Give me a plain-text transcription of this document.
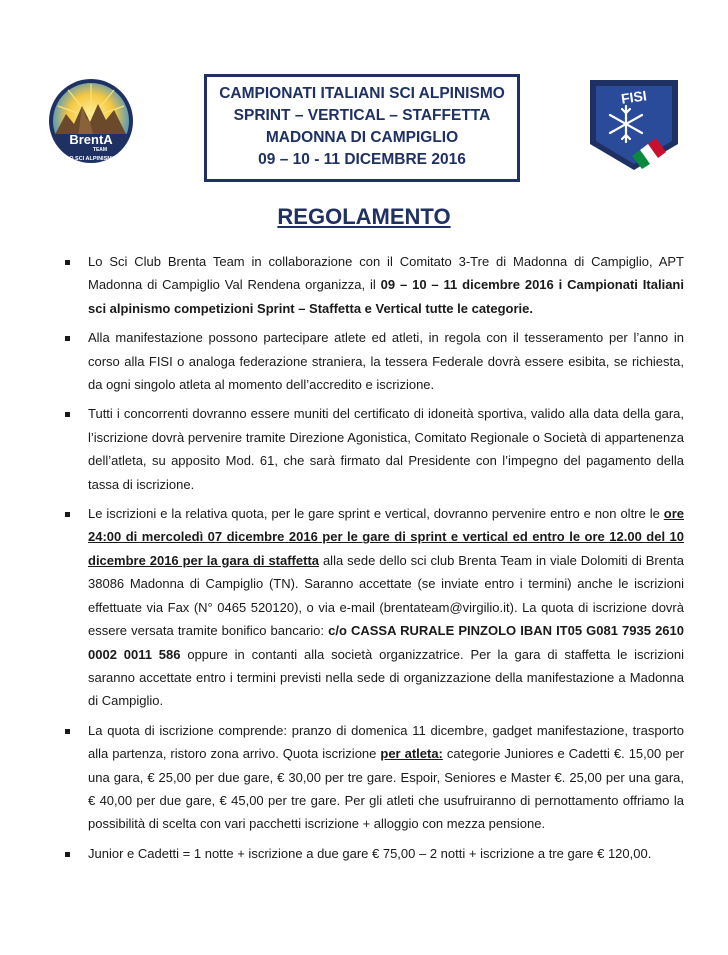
BrentA
TEAM
LO SCI ALPINISMO
CAMPIONATI ITALIANI SCI ALPINISMO
SPRINT – VERTICAL – STAFFETTA
MADONNA DI CAMPIGLIO
09 – 10 - 11 DICEMBRE 2016
FISI
REGOLAMENTO
Lo Sci Club Brenta Team in collaborazione con il Comitato 3-Tre di Madonna di Campiglio, APT Madonna di Campiglio Val Rendena organizza, il 09 – 10 – 11 dicembre 2016 i Campionati Italiani sci alpinismo competizioni Sprint – Staffetta e Vertical tutte le categorie.
Alla manifestazione possono partecipare atlete ed atleti, in regola con il tesseramento per l’anno in corso alla FISI o analoga federazione straniera, la tessera Federale dovrà essere esibita, se richiesta, da ogni singolo atleta al momento dell’accredito e iscrizione.
Tutti i concorrenti dovranno essere muniti del certificato di idoneità sportiva, valido alla data della gara, l’iscrizione dovrà pervenire tramite Direzione Agonistica, Comitato Regionale o Società di appartenenza dell’atleta, su apposito Mod. 61, che sarà firmato dal Presidente con l’impegno del pagamento della tassa di iscrizione.
Le iscrizioni e la relativa quota, per le gare sprint e vertical, dovranno pervenire entro e non oltre le ore 24:00 di mercoledì 07 dicembre 2016 per le gare di sprint e vertical ed entro le ore 12.00 del 10 dicembre 2016 per la gara di staffetta alla sede dello sci club Brenta Team in viale Dolomiti di Brenta 38086 Madonna di Campiglio (TN). Saranno accettate (se inviate entro i termini) anche le iscrizioni effettuate via Fax (N° 0465 520120), o via e-mail (brentateam@virgilio.it). La quota di iscrizione dovrà essere versata tramite bonifico bancario: c/o CASSA RURALE PINZOLO IBAN IT05 G081 7935 2610 0002 0011 586 oppure in contanti alla società organizzatrice. Per la gara di staffetta le iscrizioni saranno accettate entro i termini previsti nella sede di organizzazione della manifestazione a Madonna di Campiglio.
La quota di iscrizione comprende: pranzo di domenica 11 dicembre, gadget manifestazione, trasporto alla partenza, ristoro zona arrivo. Quota iscrizione per atleta: categorie Juniores e Cadetti €. 15,00 per una gara, € 25,00 per due gare, € 30,00 per tre gare. Espoir, Seniores e Master €. 25,00 per una gara, € 40,00 per due gare, € 45,00 per tre gare. Per gli atleti che usufruiranno di pernottamento offriamo la possibilità di scelta con vari pacchetti iscrizione + alloggio con mezza pensione.
Junior e Cadetti = 1 notte + iscrizione a due gare € 75,00 – 2 notti + iscrizione a tre gare € 120,00.
